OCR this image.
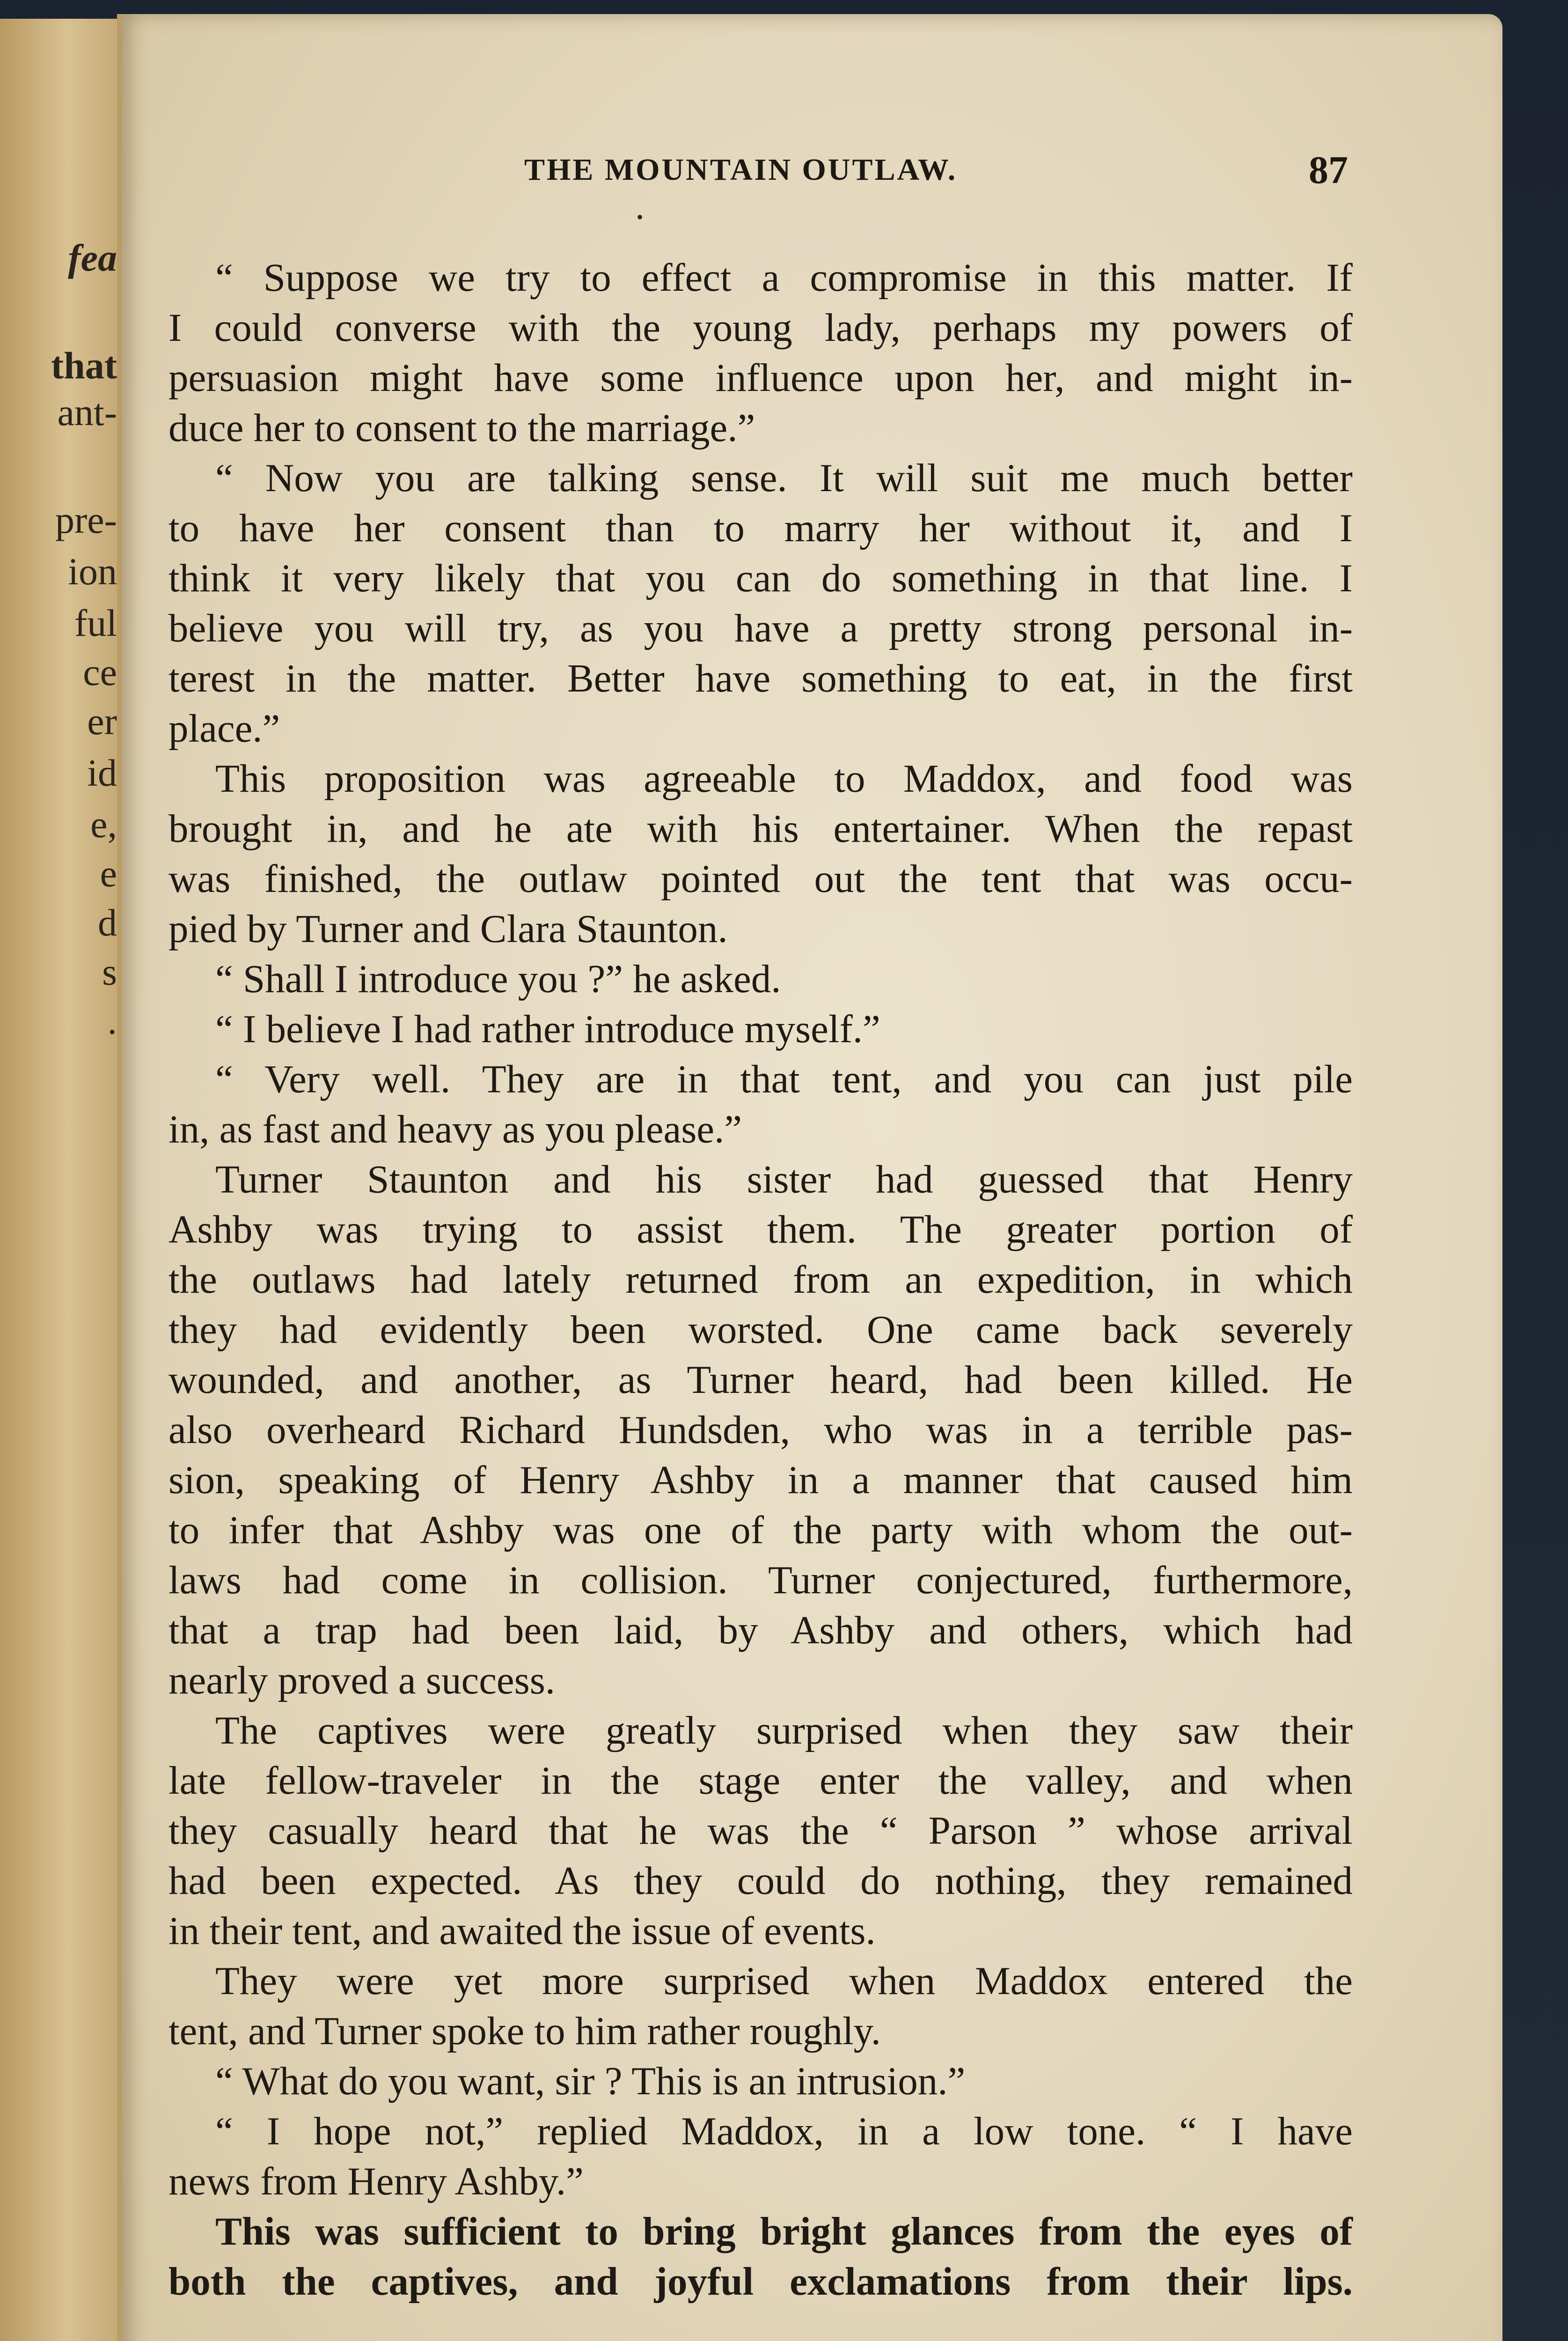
fea
that
ant-
pre-
ion
ful
ce
er
id
e,
e
d
s
.
THE MOUNTAIN OUTLAW.	87
•
“ Suppose we try to effect a compromise in this matter. If
I could converse with the young lady, perhaps my powers of
persuasion might have some influence upon her, and might in-
duce her to consent to the marriage.”
“ Now you are talking sense. It will suit me much better
to have her consent than to marry her without it, and I
think it very likely that you can do something in that line. I
believe you will try, as you have a pretty strong personal in-
terest in the matter. Better have something to eat, in the first
place.”
This proposition was agreeable to Maddox, and food was
brought in, and he ate with his entertainer. When the repast
was finished, the outlaw pointed out the tent that was occu-
pied by Turner and Clara Staunton.
“ Shall I introduce you ?” he asked.
“ I believe I had rather introduce myself.”
“ Very well. They are in that tent, and you can just pile
in, as fast and heavy as you please.”
Turner Staunton and his sister had guessed that Henry
Ashby was trying to assist them. The greater portion of
the outlaws had lately returned from an expedition, in which
they had evidently been worsted. One came back severely
wounded, and another, as Turner heard, had been killed. He
also overheard Richard Hundsden, who was in a terrible pas-
sion, speaking of Henry Ashby in a manner that caused him
to infer that Ashby was one of the party with whom the out-
laws had come in collision. Turner conjectured, furthermore,
that a trap had been laid, by Ashby and others, which had
nearly proved a success.
The captives were greatly surprised when they saw their
late fellow-traveler in the stage enter the valley, and when
they casually heard that he was the “ Parson ” whose arrival
had been expected. As they could do nothing, they remained
in their tent, and awaited the issue of events.
They were yet more surprised when Maddox entered the
tent, and Turner spoke to him rather roughly.
“ What do you want, sir ? This is an intrusion.”
“ I hope not,” replied Maddox, in a low tone. “ I have
news from Henry Ashby.”
This was sufficient to bring bright glances from the eyes of
both the captives, and joyful exclamations from their lips.
